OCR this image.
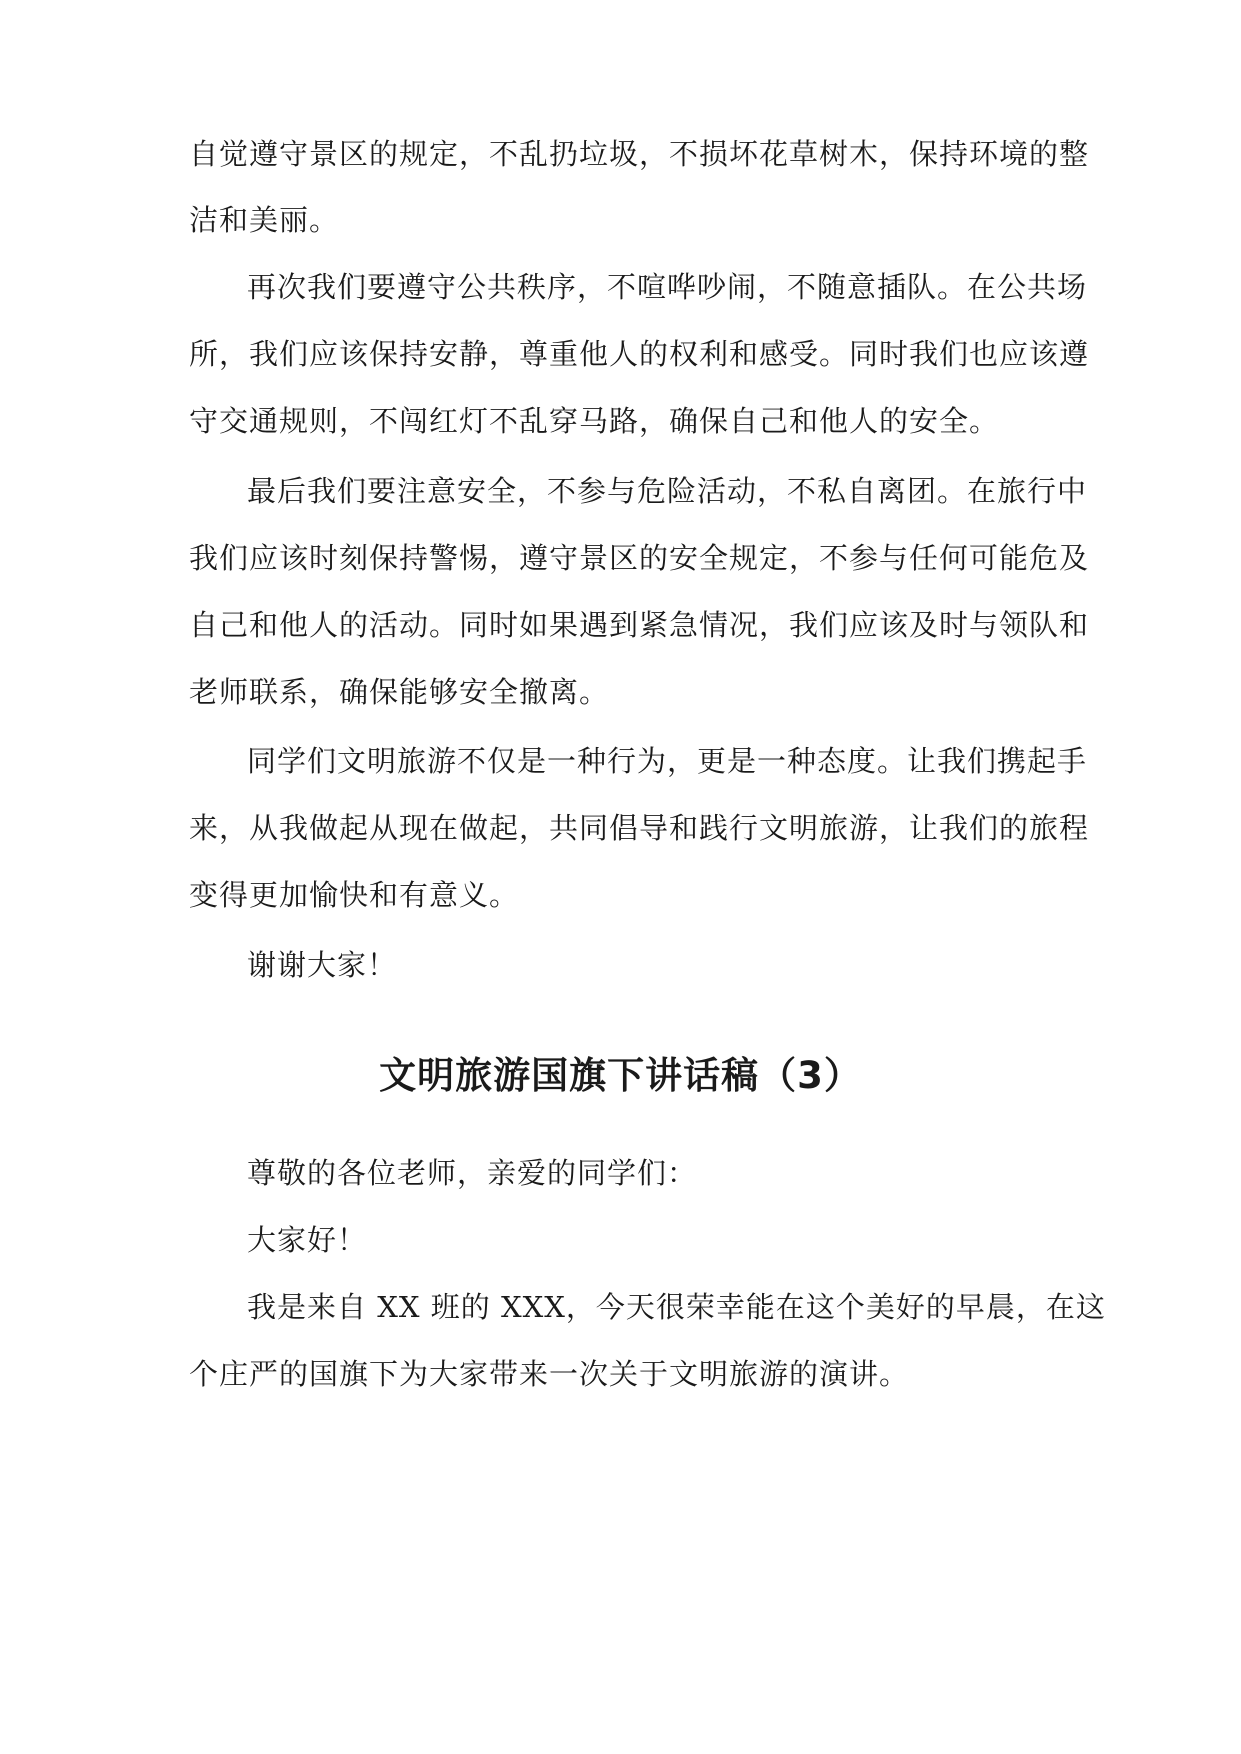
自觉遵守景区的规定，不乱扔垃圾，不损坏花草树木，保持环境的整
洁和美丽。
再次我们要遵守公共秩序，不喧哗吵闹，不随意插队。在公共场
所，我们应该保持安静，尊重他人的权利和感受。同时我们也应该遵
守交通规则，不闯红灯不乱穿马路，确保自己和他人的安全。
最后我们要注意安全，不参与危险活动，不私自离团。在旅行中
我们应该时刻保持警惕，遵守景区的安全规定，不参与任何可能危及
自己和他人的活动。同时如果遇到紧急情况，我们应该及时与领队和
老师联系，确保能够安全撤离。
同学们文明旅游不仅是一种行为，更是一种态度。让我们携起手
来，从我做起从现在做起，共同倡导和践行文明旅游，让我们的旅程
变得更加愉快和有意义。
谢谢大家！
文明旅游国旗下讲话稿（3）
尊敬的各位老师，亲爱的同学们：
大家好！
我是来自 XX 班的 XXX，今天很荣幸能在这个美好的早晨，在这
个庄严的国旗下为大家带来一次关于文明旅游的演讲。
